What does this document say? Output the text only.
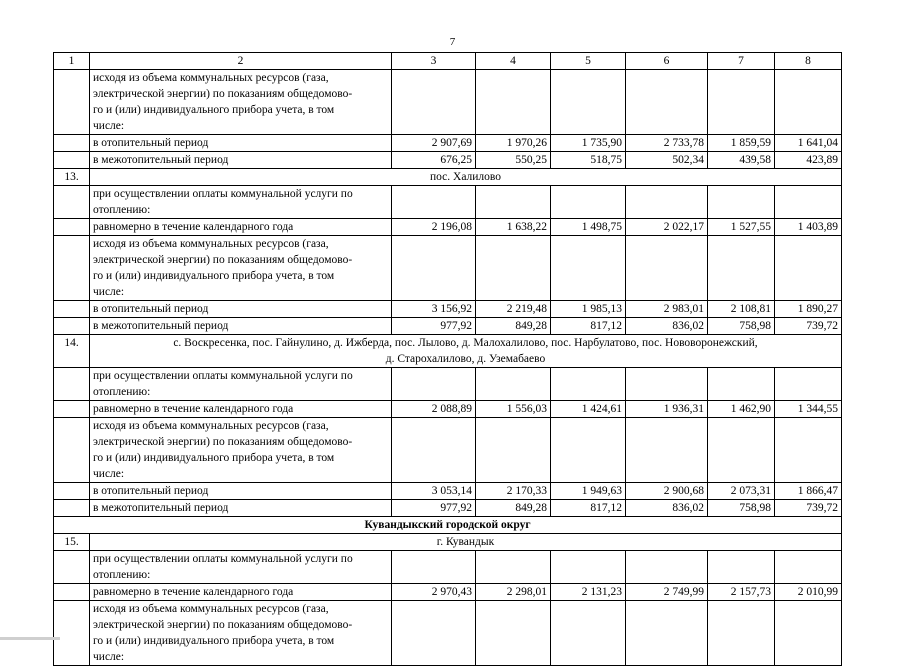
7
1	2	3	4	5	6	7	8

	исходя из объема коммунальных ресурсов (газа,
электрической энергии) по показаниям общедомово-
го и (или) индивидуального прибора учета, в том
числе:						

	в отопительный период	2 907,69	1 970,26	1 735,90	2 733,78	1 859,59	1 641,04
	в межотопительный период	676,25	550,25	518,75	502,34	439,58	423,89
13.	пос. Халилово						

	при осуществлении оплаты коммунальной услуги по
отоплению:						

	равномерно в течение календарного года	2 196,08	1 638,22	1 498,75	2 022,17	1 527,55	1 403,89

	исходя из объема коммунальных ресурсов (газа,
электрической энергии) по показаниям общедомово-
го и (или) индивидуального прибора учета, в том
числе:						

	в отопительный период	3 156,92	2 219,48	1 985,13	2 983,01	2 108,81	1 890,27
	в межотопительный период	977,92	849,28	817,12	836,02	758,98	739,72
14.	с. Воскресенка, пос. Гайнулино, д. Ижберда, пос. Лылово, д. Малохалилово, пос. Нарбулатово, пос. Нововоронежский,
д. Старохалилово, д. Уземабаево						

	при осуществлении оплаты коммунальной услуги по
отоплению:						

	равномерно в течение календарного года	2 088,89	1 556,03	1 424,61	1 936,31	1 462,90	1 344,55

	исходя из объема коммунальных ресурсов (газа,
электрической энергии) по показаниям общедомово-
го и (или) индивидуального прибора учета, в том
числе:						

	в отопительный период	3 053,14	2 170,33	1 949,63	2 900,68	2 073,31	1 866,47
	в межотопительный период	977,92	849,28	817,12	836,02	758,98	739,72
Кувандыкский городской округ							
15.	г. Кувандык						

	при осуществлении оплаты коммунальной услуги по
отоплению:						

	равномерно в течение календарного года	2 970,43	2 298,01	2 131,23	2 749,99	2 157,73	2 010,99

	исходя из объема коммунальных ресурсов (газа,
электрической энергии) по показаниям общедомово-
го и (или) индивидуального прибора учета, в том
числе:						
